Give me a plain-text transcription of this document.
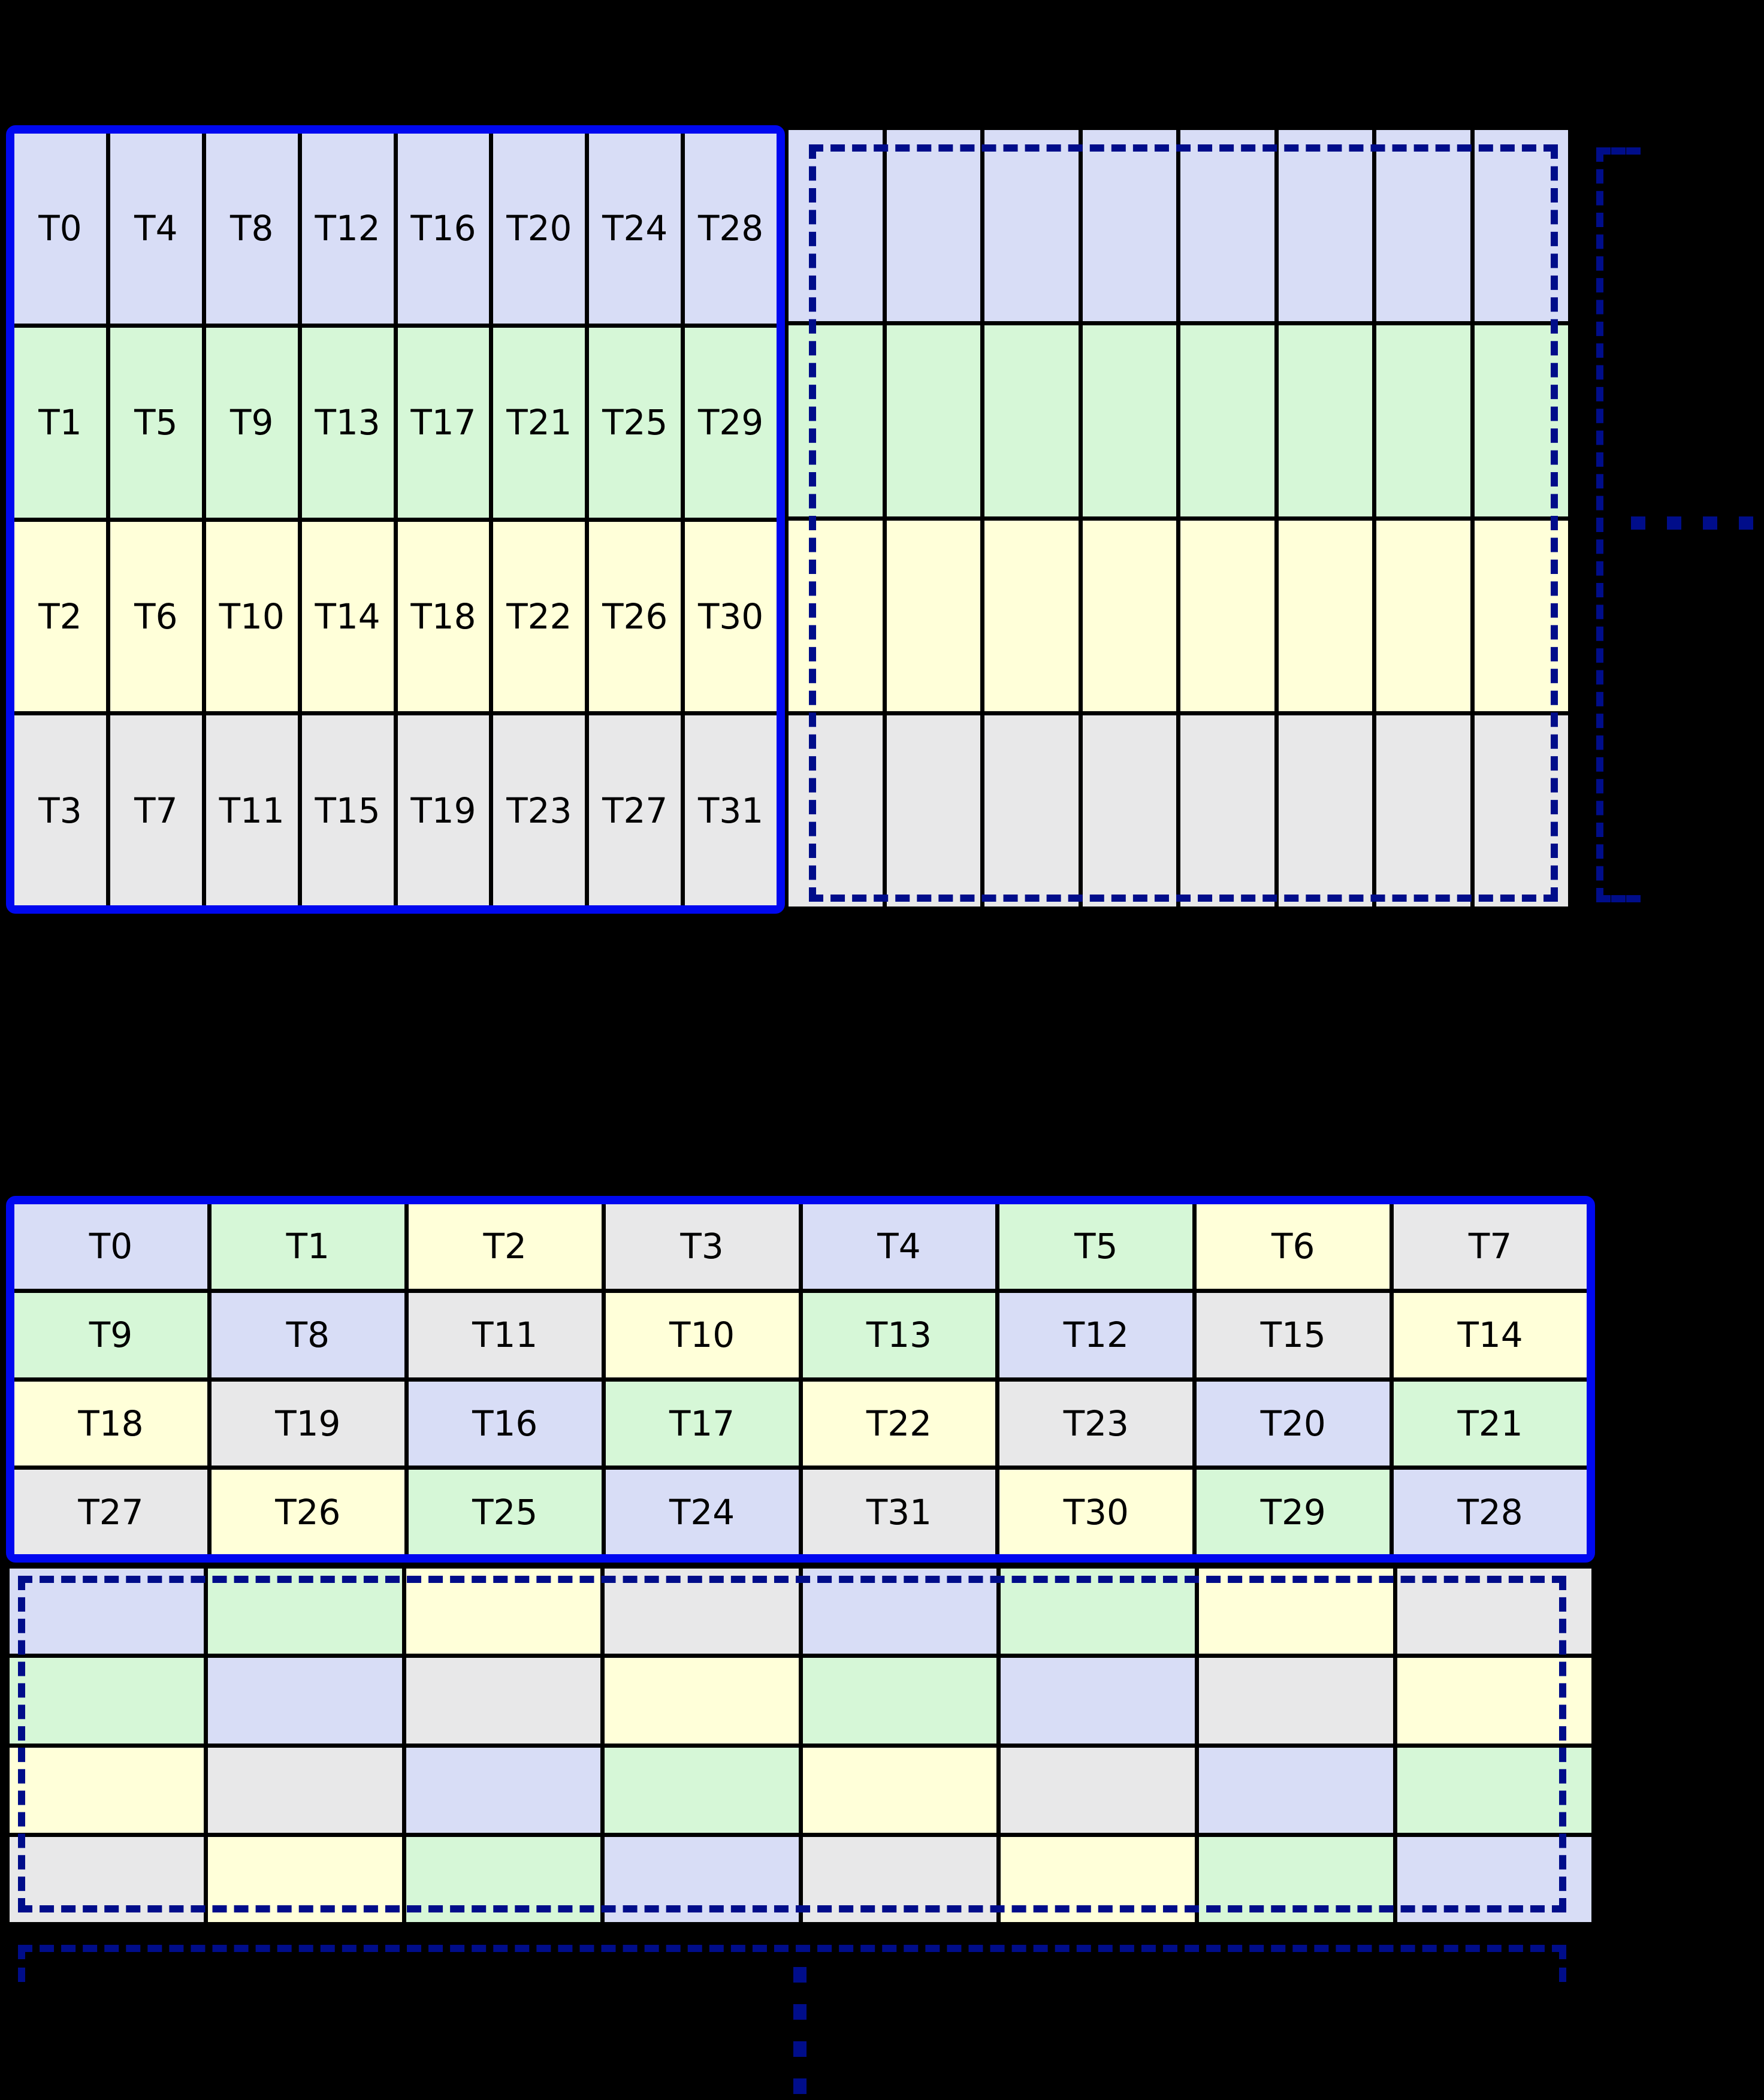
T0	T4	T8	T12 T16 T20 T24 T28
T1	T5	T9	T13 T17 T21 T25 T29
T2	T6	T10 T14 T18 T22 T26 T30
T3	T7	T11 T15 T19 T23 T27 T31
T0	T1	T2	T3	T4	T5	T6	T7
T9	T8	T11	T10	T13	T12	T15	T14
T18	T19	T16	T17	T22	T23	T20	T21
T27	T26	T25	T24	T31	T30	T29	T28
